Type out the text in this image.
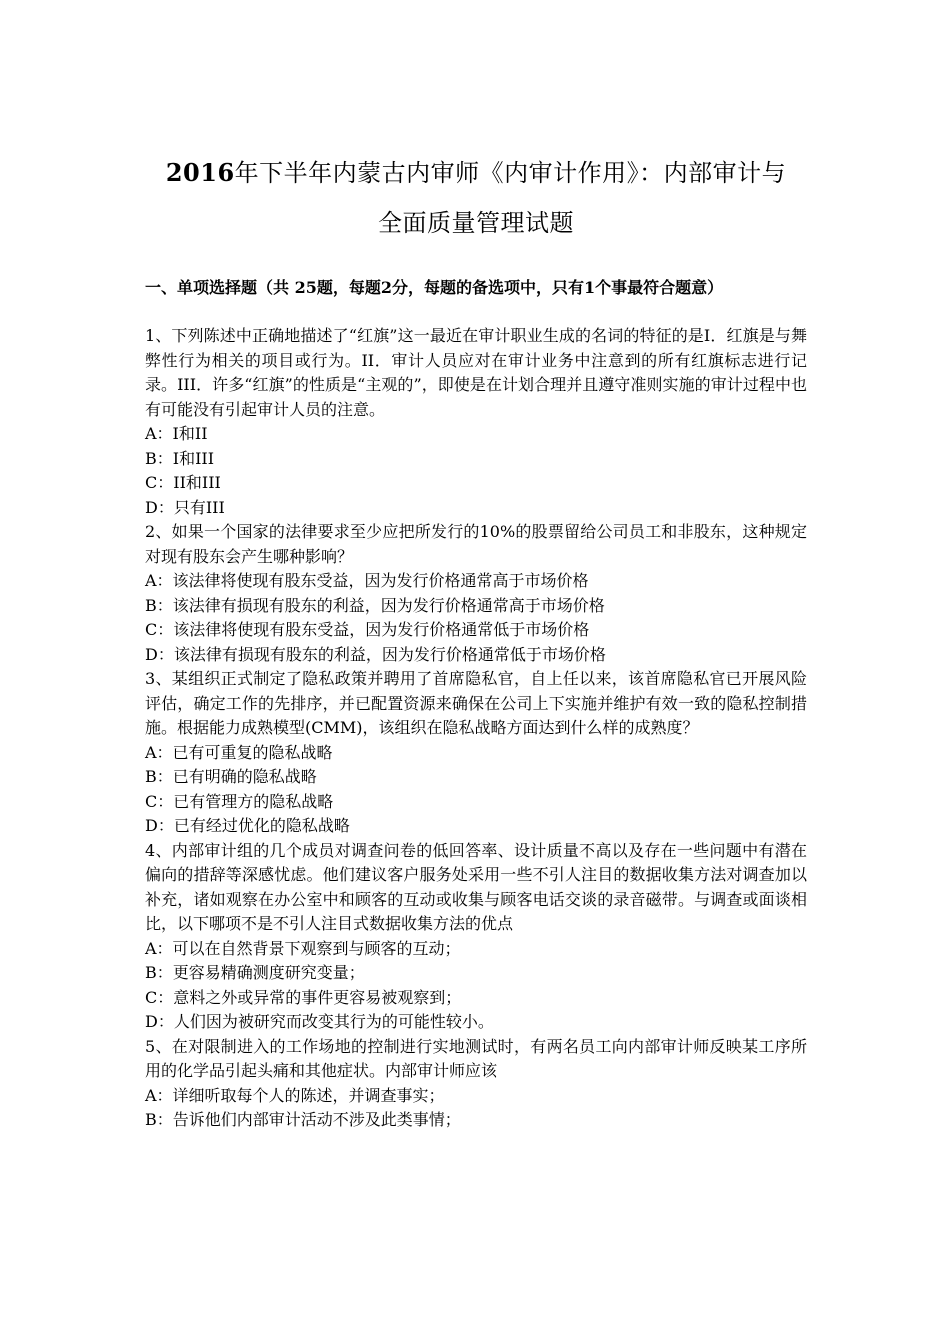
2016年下半年内蒙古内审师《内审计作用》：内部审计与
全面质量管理试题
一、单项选择题（共 25题，每题2分，每题的备选项中，只有1个事最符合题意）

1、下列陈述中正确地描述了“红旗”这一最近在审计职业生成的名词的特征的是I．红旗是与舞弊性行为相关的项目或行为。II．审计人员应对在审计业务中注意到的所有红旗标志进行记录。III．许多“红旗”的性质是“主观的”，即使是在计划合理并且遵守准则实施的审计过程中也有可能没有引起审计人员的注意。

A：I和II

B：I和III

C：II和III

D：只有III

2、如果一个国家的法律要求至少应把所发行的10%的股票留给公司员工和非股东，这种规定对现有股东会产生哪种影响？

A：该法律将使现有股东受益，因为发行价格通常高于市场价格

B：该法律有损现有股东的利益，因为发行价格通常高于市场价格

C：该法律将使现有股东受益，因为发行价格通常低于市场价格

D：该法律有损现有股东的利益，因为发行价格通常低于市场价格

3、某组织正式制定了隐私政策并聘用了首席隐私官，自上任以来，该首席隐私官已开展风险评估，确定工作的先排序，并已配置资源来确保在公司上下实施并维护有效一致的隐私控制措施。根据能力成熟模型(CMM)，该组织在隐私战略方面达到什么样的成熟度？

A：已有可重复的隐私战略

B：已有明确的隐私战略

C：已有管理方的隐私战略

D：已有经过优化的隐私战略

4、内部审计组的几个成员对调查问卷的低回答率、设计质量不高以及存在一些问题中有潜在偏向的措辞等深感忧虑。他们建议客户服务处采用一些不引人注目的数据收集方法对调查加以补充，诸如观察在办公室中和顾客的互动或收集与顾客电话交谈的录音磁带。与调查或面谈相比，以下哪项不是不引人注目式数据收集方法的优点

A：可以在自然背景下观察到与顾客的互动；

B：更容易精确测度研究变量；

C：意料之外或异常的事件更容易被观察到；

D：人们因为被研究而改变其行为的可能性较小。

5、在对限制进入的工作场地的控制进行实地测试时，有两名员工向内部审计师反映某工序所用的化学品引起头痛和其他症状。内部审计师应该

A：详细听取每个人的陈述，并调查事实；

B：告诉他们内部审计活动不涉及此类事情；
